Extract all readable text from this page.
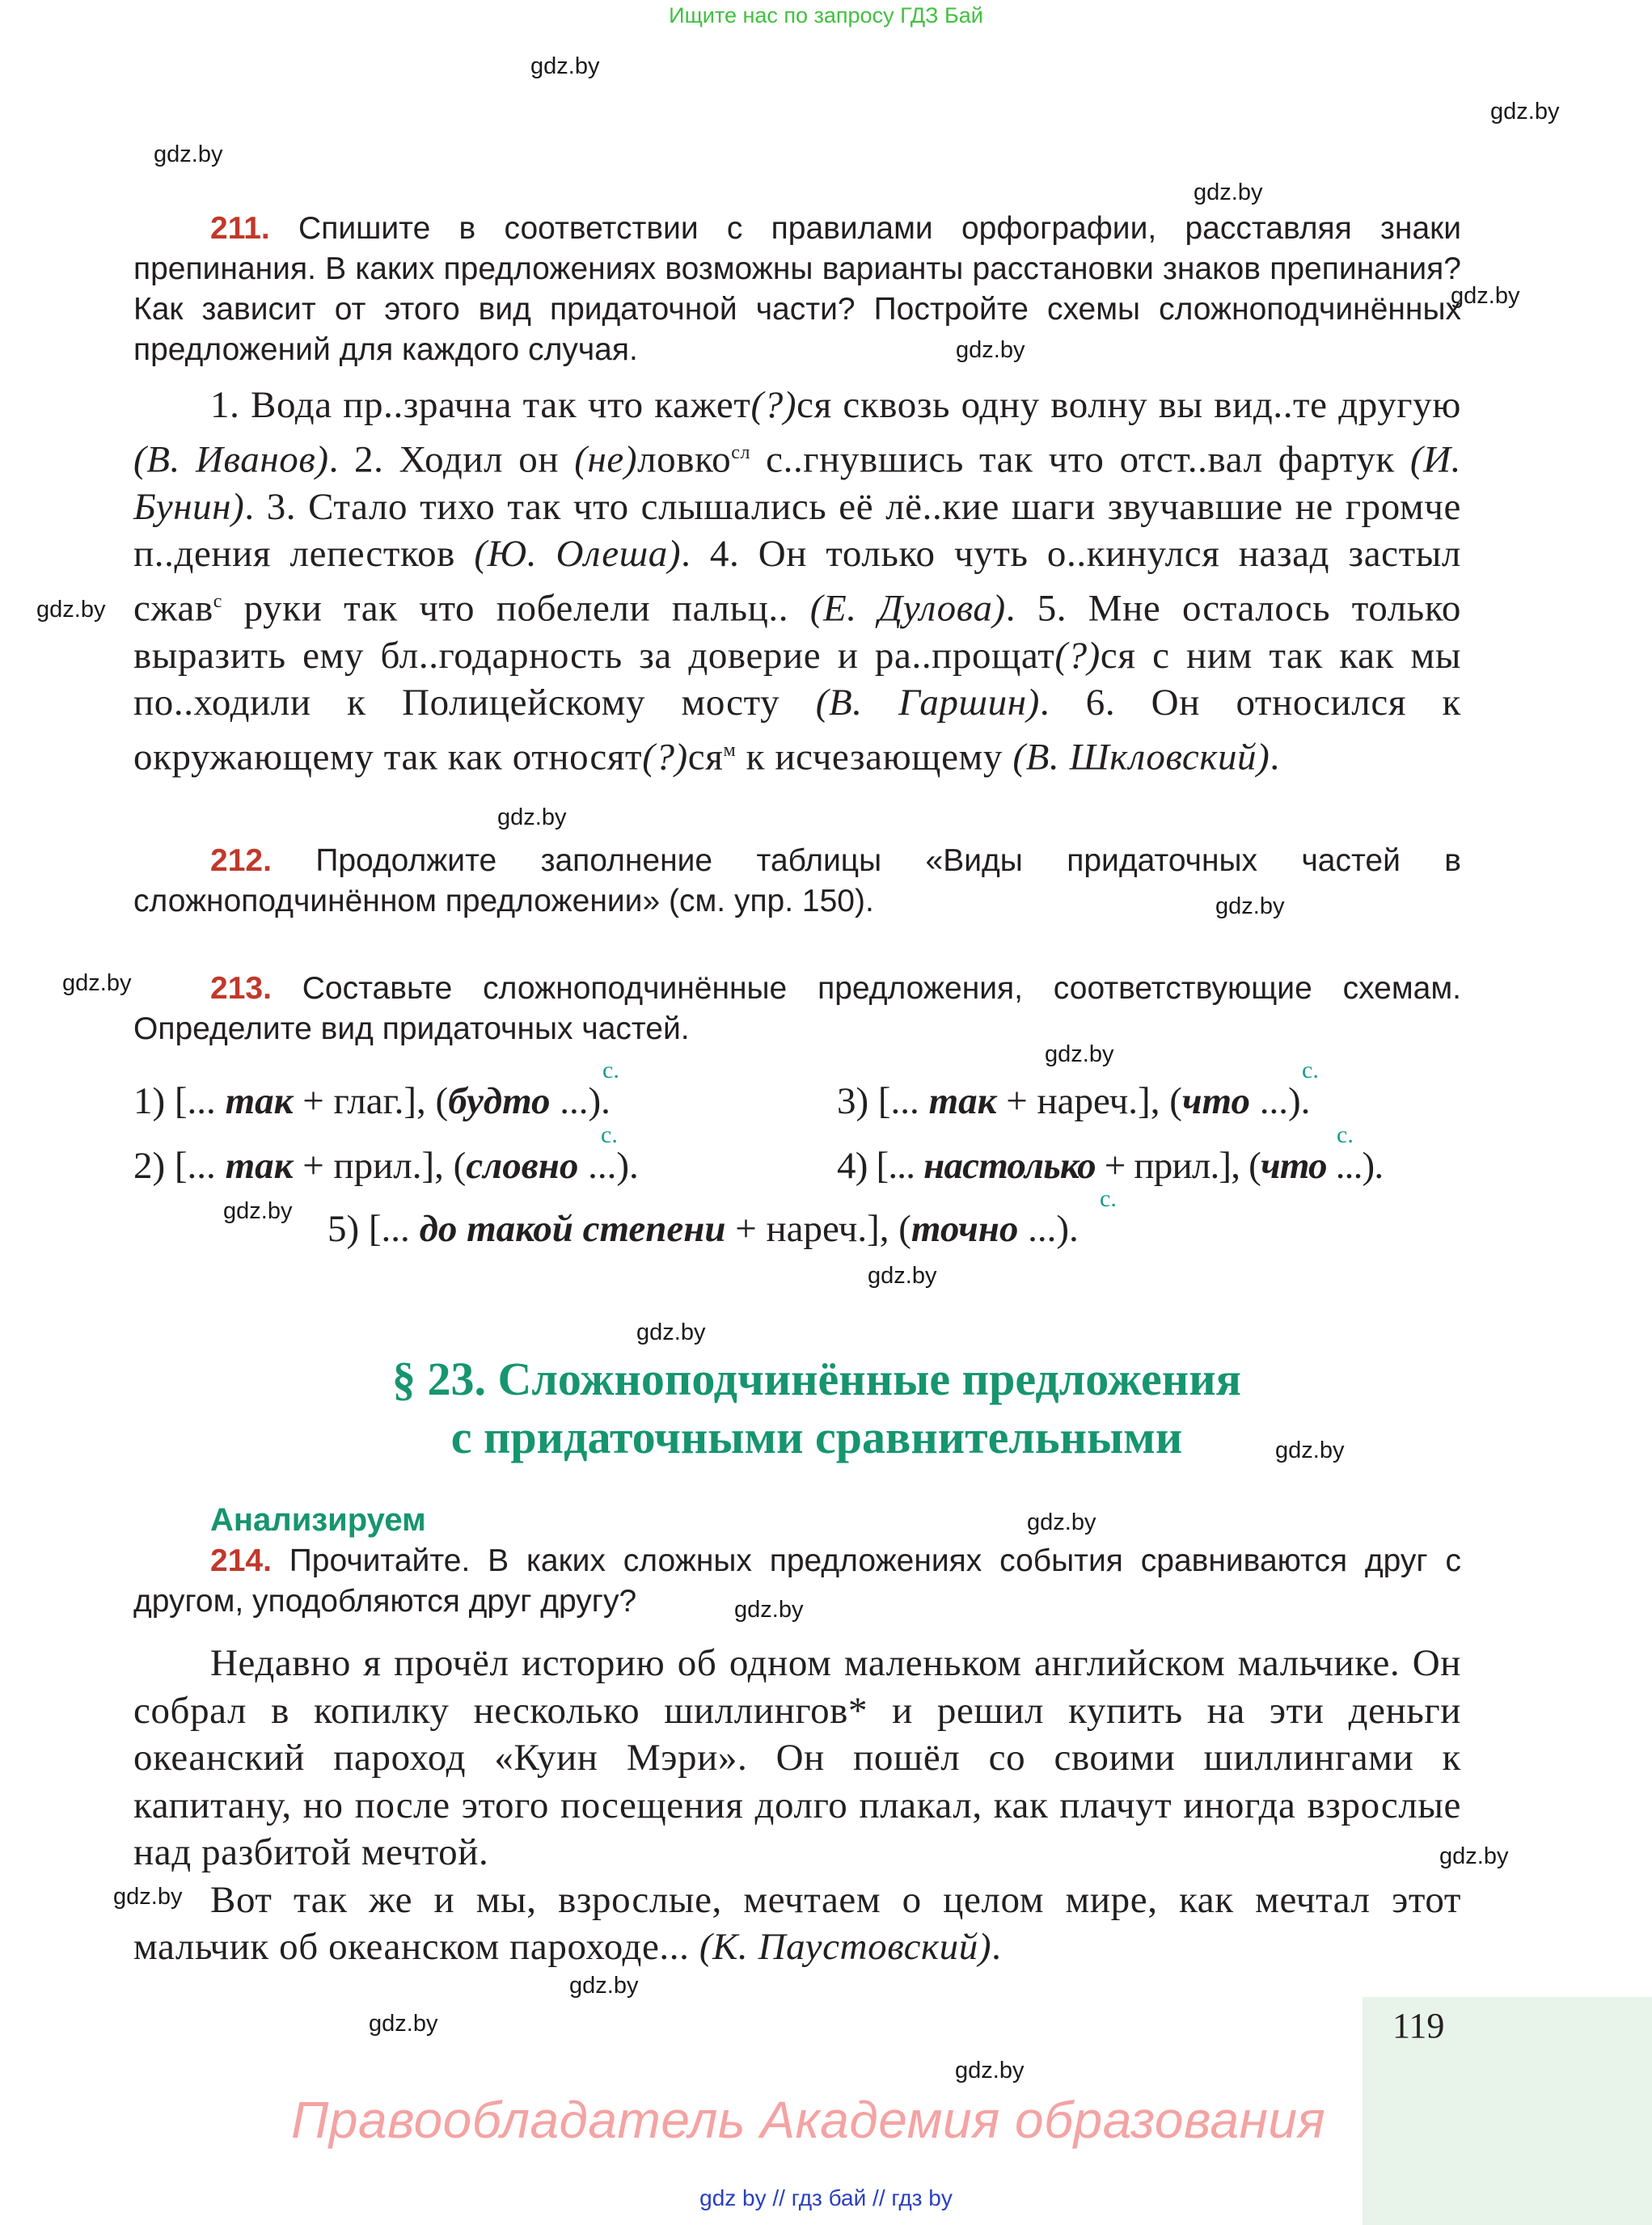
Ищите нас по запросу ГДЗ Бай
gdz.by
gdz.by
gdz.by
gdz.by
gdz.by
gdz.by
gdz.by
gdz.by
gdz.by
gdz.by
gdz.by
gdz.by
gdz.by
gdz.by
gdz.by
gdz.by
gdz.by
gdz.by
gdz.by
gdz.by
gdz.by
gdz.by
211. Спишите в соответствии с правилами орфографии, расставляя знаки препинания. В каких предложениях возможны варианты расстановки знаков препинания? Как зависит от этого вид придаточной части? Постройте схемы сложноподчинённых предложений для каждого случая.
1. Вода пр..зрачна так что кажет(?)ся сквозь одну волну вы вид..те другую (В. Иванов). 2. Ходил он (не)ловко$^{сл}$ с..гнувшись так что отст..вал фартук (И. Бунин). 3. Стало тихо так что слышались её лё..кие шаги звучавшие не громче п..дения лепестков (Ю. Олеша). 4. Он только чуть о..кинулся назад застыл сжав$^с$ руки так что побелели пальц.. (Е. Дулова). 5. Мне осталось только выразить ему бл..годарность за доверие и ра..прощат(?)ся с ним так как мы по..ходили к Полицейскому мосту (В. Гаршин). 6. Он относился к окружающему так как $относят(?)ся^м$ к исчезающему (В. Шкловский).
212. Продолжите заполнение таблицы «Виды придаточных частей в сложноподчинённом предложении» (см. упр. 150).
213. Составьте сложноподчинённые предложения, соответствующие схемам. Определите вид придаточных частей.
с.	с.
с.	с.
с.
1) [... так + глаг.], (будто ...).	3) [... так + нареч.], (что ...).
2) [... так + прил.], (словно ...).	4) [... настолько + прил.], (что ...).
5) [... до такой степени + нареч.], (точно ...).
§ 23. Сложноподчинённые предложения
с придаточными сравнительными
Анализируем
214. Прочитайте. В каких сложных предложениях события сравниваются друг с другом, уподобляются друг другу?
Недавно я прочёл историю об одном маленьком английском мальчике. Он собрал в копилку несколько шиллингов* и решил купить на эти деньги океанский пароход «Куин Мэри». Он пошёл со своими шиллингами к капитану, но после этого посещения долго плакал, как плачут иногда взрослые над разбитой мечтой.
Вот так же и мы, взрослые, мечтаем о целом мире, как мечтал этот мальчик об океанском пароходе... (К. Паустовский).
119
Правообладатель Академия образования
gdz by // гдз бай // гдз by
